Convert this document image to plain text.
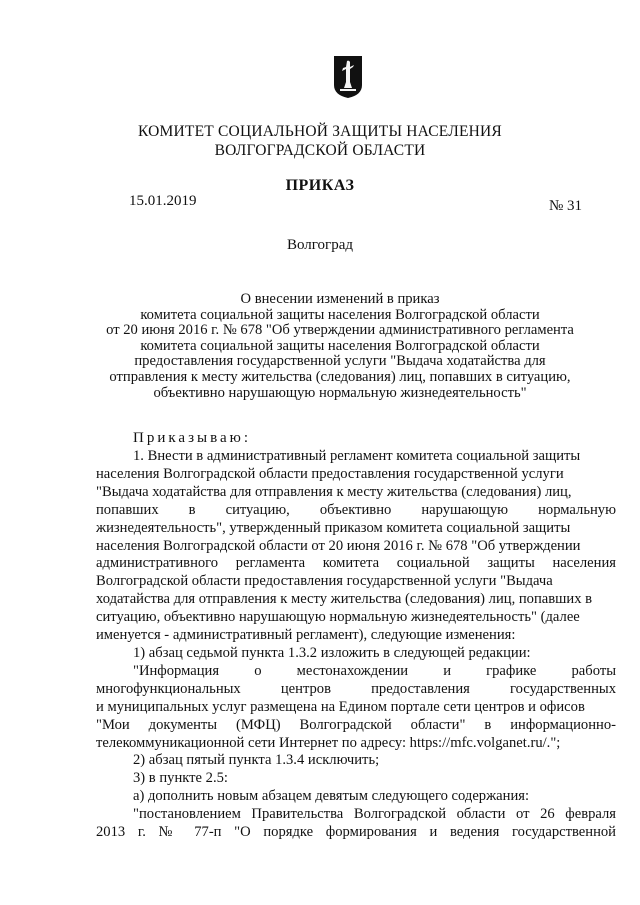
КОМИТЕТ СОЦИАЛЬНОЙ ЗАЩИТЫ НАСЕЛЕНИЯ
ВОЛГОГРАДСКОЙ ОБЛАСТИ
ПРИКАЗ
15.01.2019	№ 31
Волгоград
О внесении изменений в приказ
комитета социальной защиты населения Волгоградской области
от 20 июня 2016 г. № 678 "Об утверждении административного регламента
комитета социальной защиты населения Волгоградской области
предоставления государственной услуги "Выдача ходатайства для
отправления к месту жительства (следования) лиц, попавших в ситуацию,
объективно нарушающую нормальную жизнедеятельность"
Приказываю:
1. Внести в административный регламент комитета социальной защиты
населения Волгоградской области предоставления государственной услуги
"Выдача ходатайства для отправления к месту жительства (следования) лиц,
попавших в ситуацию, объективно нарушающую нормальную
жизнедеятельность", утвержденный приказом комитета социальной защиты
населения Волгоградской области от 20 июня 2016 г. № 678 "Об утверждении
административного регламента комитета социальной защиты населения
Волгоградской области предоставления государственной услуги "Выдача
ходатайства для отправления к месту жительства (следования) лиц, попавших в
ситуацию, объективно нарушающую нормальную жизнедеятельность" (далее
именуется - административный регламент), следующие изменения:
1) абзац седьмой пункта 1.3.2 изложить в следующей редакции:
"Информация о местонахождении и графике работы
многофункциональных центров предоставления государственных
и муниципальных услуг размещена на Едином портале сети центров и офисов
"Мои документы (МФЦ) Волгоградской области" в информационно-
телекоммуникационной сети Интернет по адресу: https://mfc.volganet.ru/.";
2) абзац пятый пункта 1.3.4 исключить;
3) в пункте 2.5:
а) дополнить новым абзацем девятым следующего содержания:
"постановлением Правительства Волгоградской области от 26 февраля
2013 г. № 77-п "О порядке формирования и ведения государственной
